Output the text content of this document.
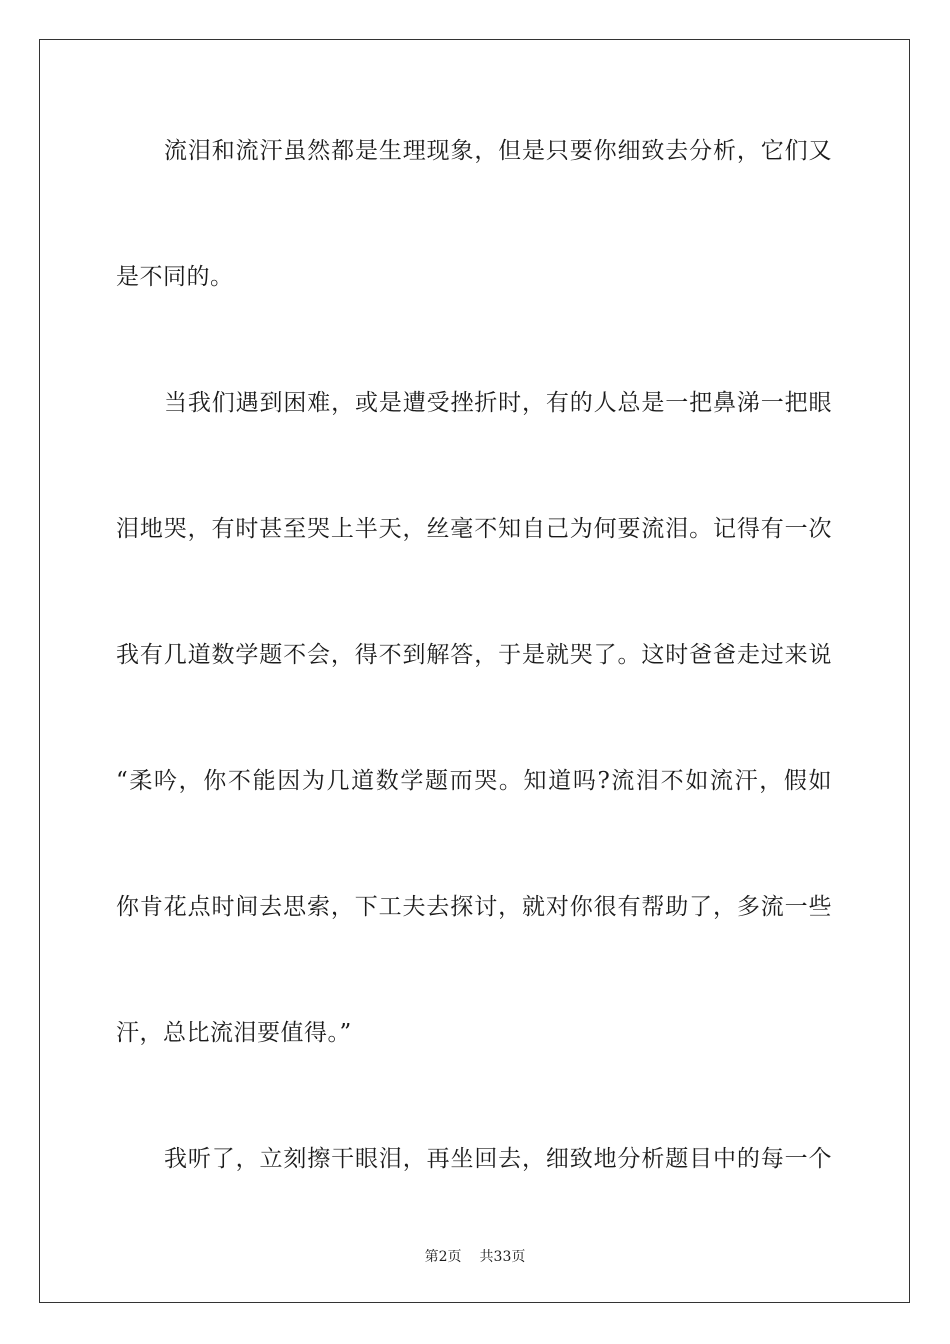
流泪和流汗虽然都是生理现象，但是只要你细致去分析，它们又
是不同的。
当我们遇到困难，或是遭受挫折时，有的人总是一把鼻涕一把眼
泪地哭，有时甚至哭上半天，丝毫不知自己为何要流泪。记得有一次
我有几道数学题不会，得不到解答，于是就哭了。这时爸爸走过来说
“柔吟，你不能因为几道数学题而哭。知道吗?流泪不如流汗，假如
你肯花点时间去思索，下工夫去探讨，就对你很有帮助了，多流一些
汗，总比流泪要值得。”
我听了，立刻擦干眼泪，再坐回去，细致地分析题目中的每一个
第2页 共33页
